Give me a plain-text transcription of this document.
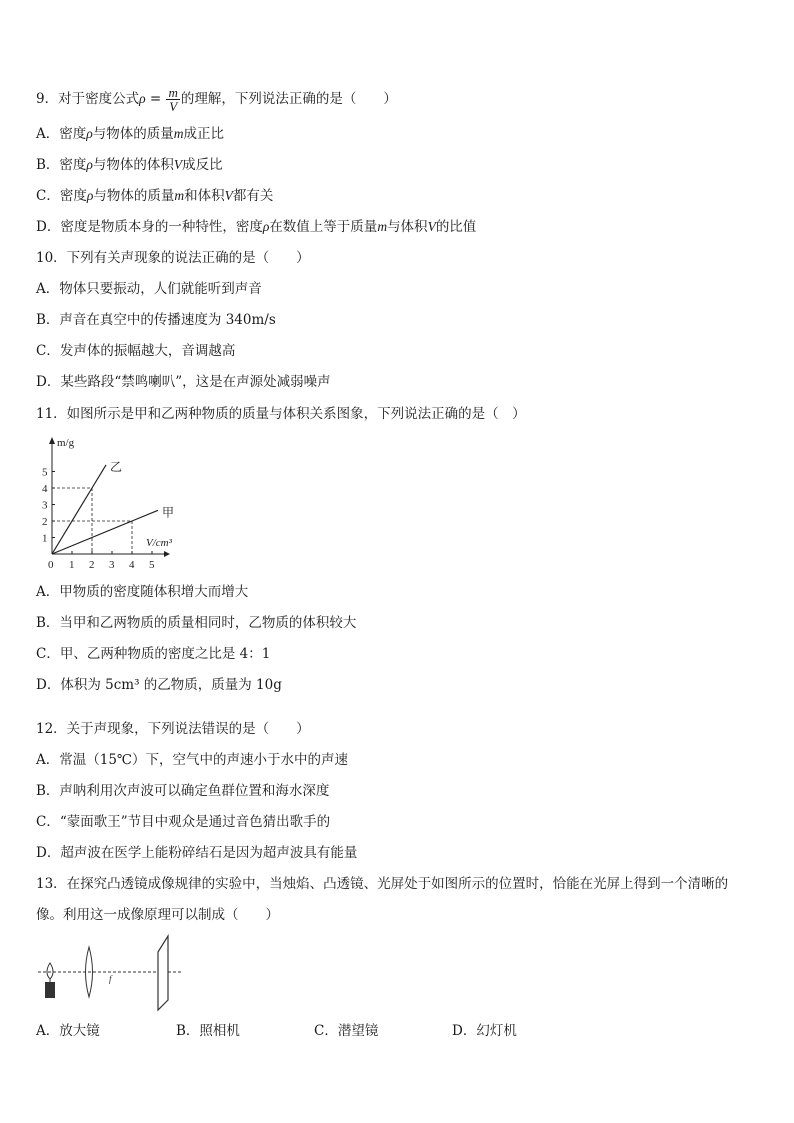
9．对于密度公式$\rho = \frac{m}{V}$ 的理解，下列说法正确的是（　　）
A．密度ρ与物体的质量m成正比
B．密度ρ与物体的体积V成反比
C．密度ρ与物体的质量m和体积V都有关
D．密度是物质本身的一种特性，密度ρ在数值上等于质量m与体积V的比值
10．下列有关声现象的说法正确的是（　　）
A．物体只要振动，人们就能听到声音
B．声音在真空中的传播速度为 340m/s
C．发声体的振幅越大，音调越高
D．某些路段“禁鸣喇叭”，这是在声源处减弱噪声
11．如图所示是甲和乙两种物质的质量与体积关系图象，下列说法正确的是（　）
0 1 2 3 4 5
1
2
3
4
5
m/g
V/cm³
乙
甲
A．甲物质的密度随体积增大而增大
B．当甲和乙两物质的质量相同时，乙物质的体积较大
C．甲、乙两种物质的密度之比是 4：1
D．体积为 5cm³ 的乙物质，质量为 10g
12．关于声现象，下列说法错误的是（　　）
A．常温（15℃）下，空气中的声速小于水中的声速
B．声呐利用次声波可以确定鱼群位置和海水深度
C．“蒙面歌王”节目中观众是通过音色猜出歌手的
D．超声波在医学上能粉碎结石是因为超声波具有能量
13．在探究凸透镜成像规律的实验中，当烛焰、凸透镜、光屏处于如图所示的位置时，恰能在光屏上得到一个清晰的
像。利用这一成像原理可以制成（　　）
f
A．放大镜	B．照相机	C．潜望镜	D．幻灯机
